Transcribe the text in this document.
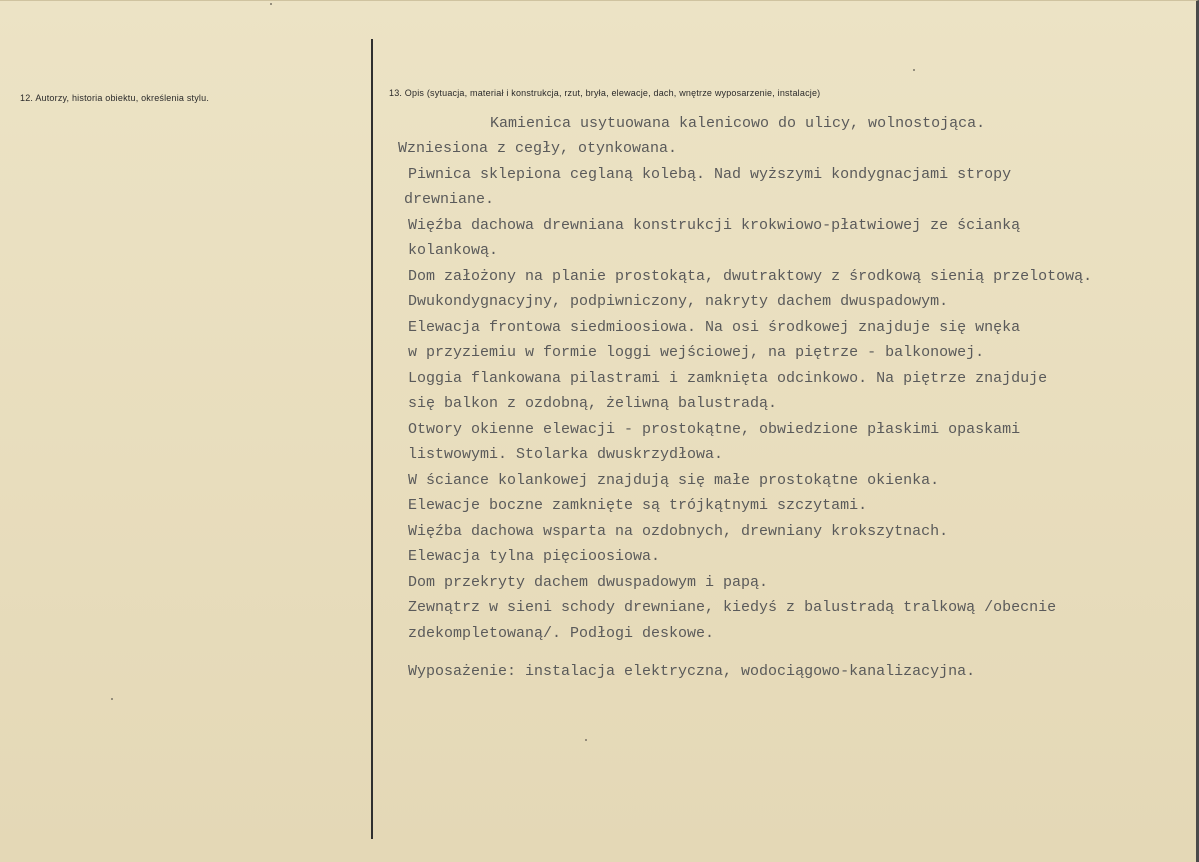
12. Autorzy, historia obiektu, określenia stylu.	13. Opis (sytuacja, materiał i konstrukcja, rzut, bryła, elewacje, dach, wnętrze wyposarzenie, instalacje)
Kamienica usytuowana kalenicowo do ulicy, wolnostojąca.
Wzniesiona z cegły, otynkowana.
Piwnica sklepiona ceglaną kolebą. Nad wyższymi kondygnacjami stropy
drewniane.
Więźba dachowa drewniana konstrukcji krokwiowo-płatwiowej ze ścianką
kolankową.
Dom założony na planie prostokąta, dwutraktowy z środkową sienią przelotową.
Dwukondygnacyjny, podpiwniczony, nakryty dachem dwuspadowym.
Elewacja frontowa siedmioosiowa. Na osi środkowej znajduje się wnęka
w przyziemiu w formie loggi wejściowej, na piętrze - balkonowej.
Loggia flankowana pilastrami i zamknięta odcinkowo. Na piętrze znajduje
się balkon z ozdobną, żeliwną balustradą.
Otwory okienne elewacji - prostokątne, obwiedzione płaskimi opaskami
listwowymi. Stolarka dwuskrzydłowa.
W ściance kolankowej znajdują się małe prostokątne okienka.
Elewacje boczne zamknięte są trójkątnymi szczytami.
Więźba dachowa wsparta na ozdobnych, drewniany krokszytnach.
Elewacja tylna pięcioosiowa.
Dom przekryty dachem dwuspadowym i papą.
Zewnątrz w sieni schody drewniane, kiedyś z balustradą tralkową /obecnie
zdekompletowaną/. Podłogi deskowe.
Wyposażenie: instalacja elektryczna, wodociągowo-kanalizacyjna.
